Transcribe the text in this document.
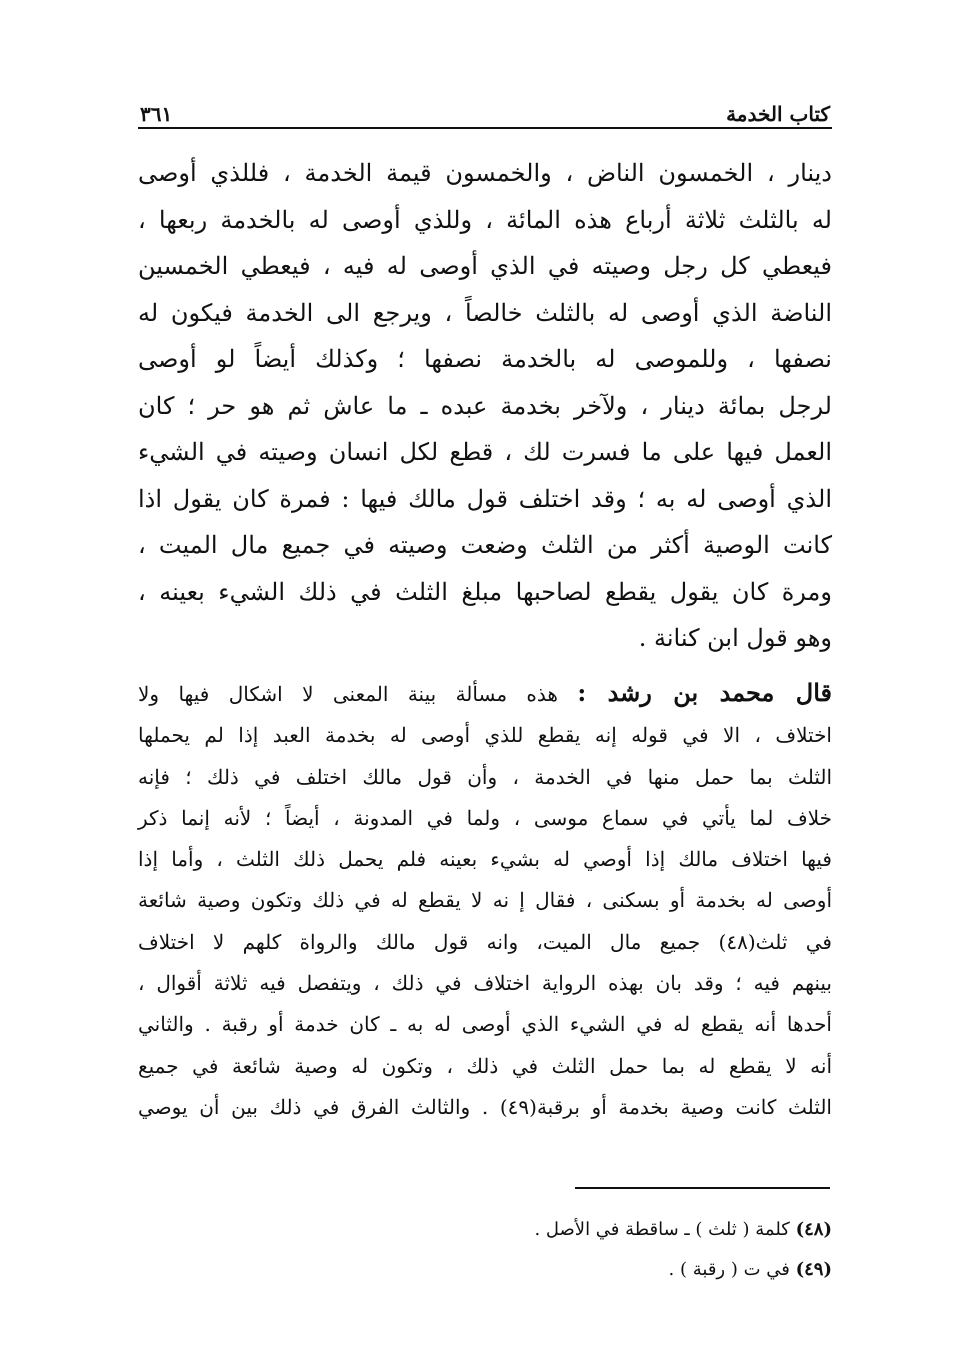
كتاب الخدمة
٣٦١
دينار ، الخمسون الناض ، والخمسون قيمة الخدمة ، فللذي أوصى
له بالثلث ثلاثة أرباع هذه المائة ، وللذي أوصى له بالخدمة ربعها ،
فيعطي كل رجل وصيته في الذي أوصى له فيه ، فيعطي الخمسين
الناضة الذي أوصى له بالثلث خالصاً ، ويرجع الى الخدمة فيكون له
نصفها ، وللموصى له بالخدمة نصفها ؛ وكذلك أيضاً لو أوصى
لرجل بمائة دينار ، ولآخر بخدمة عبده ـ ما عاش ثم هو حر ؛ كان
العمل فيها على ما فسرت لك ، قطع لكل انسان وصيته في الشيء
الذي أوصى له به ؛ وقد اختلف قول مالك فيها : فمرة كان يقول اذا
كانت الوصية أكثر من الثلث وضعت وصيته في جميع مال الميت ،
ومرة كان يقول يقطع لصاحبها مبلغ الثلث في ذلك الشيء بعينه ،
وهو قول ابن كنانة .
قال محمد بن رشد : هذه مسألة بينة المعنى لا اشكال فيها ولا
اختلاف ، الا في قوله إنه يقطع للذي أوصى له بخدمة العبد إذا لم يحملها
الثلث بما حمل منها في الخدمة ، وأن قول مالك اختلف في ذلك ؛ فإنه
خلاف لما يأتي في سماع موسى ، ولما في المدونة ، أيضاً ؛ لأنه إنما ذكر
فيها اختلاف مالك إذا أوصي له بشيء بعينه فلم يحمل ذلك الثلث ، وأما إذا
أوصى له بخدمة أو بسكنى ، فقال إ نه لا يقطع له في ذلك وتكون وصية شائعة
في ثلث(٤٨) جميع مال الميت، وانه قول مالك والرواة كلهم لا اختلاف
بينهم فيه ؛ وقد بان بهذه الرواية اختلاف في ذلك ، ويتفصل فيه ثلاثة أقوال ،
أحدها أنه يقطع له في الشيء الذي أوصى له به ـ كان خدمة أو رقبة . والثاني
أنه لا يقطع له بما حمل الثلث في ذلك ، وتكون له وصية شائعة في جميع
الثلث كانت وصية بخدمة أو برقبة(٤٩) . والثالث الفرق في ذلك بين أن يوصي
(٤٨) كلمة ( ثلث ) ـ ساقطة في الأصل .
(٤٩) في ت ( رقبة ) .
